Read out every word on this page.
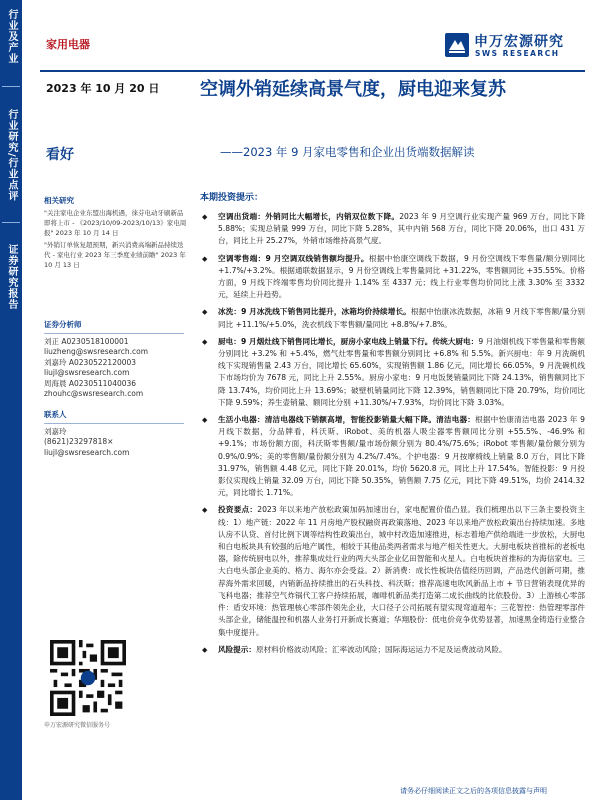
行业及产业
行业研究/行业点评
证券研究报告
家用电器	申万宏源研究
SWS RESEARCH
2023 年 10 月 20 日
看好
空调外销延续高景气度，厨电迎来复苏
——2023 年 9 月家电零售和企业出货端数据解读
相关研究
"关注家电企业东盟出海机遇，徕芬电动牙刷新品即将上市 - 《2023/10/09-2023/10/13》家电周报" 2023 年 10 月 14 日
"外销订单恢复超预期，新兴消费高端新品持续迭代 - 家电行业 2023 年三季度业绩前瞻" 2023 年 10 月 13 日
证券分析师
刘正 A0230518100001
liuzheng@swsresearch.com
刘嘉玲 A0230522120003
liujl@swsresearch.com
周海晨 A0230511040036
zhouhc@swsresearch.com
联系人
刘嘉玲
(8621)23297818×
liujl@swsresearch.com
申万宏源研究微信服务号
本期投资提示：
◆ 空调出货端：外销同比大幅增长，内销双位数下降。2023 年 9 月空调行业实现产量 969 万台，同比下降 5.88%；实现总销量 999 万台，同比下降 5.28%，其中内销 568 万台，同比下降 20.06%，出口 431 万台，同比上升 25.27%，外销市场维持高景气度。
◆ 空调零售端：9 月空调双线销售额均提升。根据中怡康空调线下数据，9 月份空调线下零售量/额分别同比 +1.7%/+3.2%。根据通联数据显示，9 月份空调线上零售量同比 +31.22%，零售额同比 +35.55%。价格方面，9 月线下终端零售均价同比提升 1.14% 至 4337 元；线上行业零售均价同比上涨 3.30% 至 3332 元，延续上升趋势。
◆ 冰洗：9 月冰洗线下销售同比提升，冰箱均价持续增长。根据中怡康冰洗数据，冰箱 9 月线下零售额/量分别同比 +11.1%/+5.0%，洗衣机线下零售额/量同比 +8.8%/+7.8%。
◆ 厨电：9 月烟灶线下销售同比增长，厨房小家电线上销量下行。传统大厨电：9 月油烟机线下零售量和零售额分别同比 +3.2% 和 +5.4%，燃气灶零售量和零售额分别同比 +6.8% 和 5.5%。新兴厨电：年 9 月洗碗机线下实现销售量 2.43 万台，同比增长 65.60%，实现销售额 1.86 亿元，同比增长 66.05%，9 月洗碗机线下市场均价为 7678 元，同比上升 2.55%。厨房小家电：9 月电饭煲销量同比下降 24.13%，销售额同比下降 13.74%，均价同比上升 13.69%；破壁机销量同比下降 12.39%，销售额同比下降 20.79%，均价同比下降 9.59%；养生壶销量、额同比分别 +11.30%/+7.93%，均价同比下降 3.03%。
◆ 生活小电器：清洁电器线下销额高增，智能投影销量大幅下降。清洁电器：根据中怡康清洁电器 2023 年 9 月线下数据，分品牌看，科沃斯、iRobot、美的机器人吸尘器零售额同比分别 +55.5%、-46.9% 和 +9.1%；市场份额方面，科沃斯零售额/量市场份额分别为 80.4%/75.6%；iRobot 零售额/量份额分别为 0.9%/0.9%；美的零售额/量份额分别为 4.2%/7.4%。个护电器：9 月按摩椅线上销量 8.0 万台，同比下降 31.97%，销售额 4.48 亿元，同比下降 20.01%，均价 5620.8 元，同比上升 17.54%。智能投影：9 月投影仪实现线上销量 32.09 万台，同比下降 50.35%，销售额 7.75 亿元，同比下降 49.51%，均价 2414.32 元，同比增长 1.71%。
◆ 投资要点：2023 年以来地产放松政策加码加速出台，家电配置价值凸显。我们梳理出以下三条主要投资主线：1）地产链：2022 年 11 月房地产股权融资再政策落地、2023 年以来地产放松政策出台持续加速。多地认房不认贷、首付比例下调等结构性政策出台，城中村改造加速推进，标志着地产供给端进一步放松，大厨电和白电板块具有较强的后地产属性，相较于其他品类两者需求与地产相关性更大。大厨电板块首推标的老板电器，除传统厨电以外，推荐集成灶行业的两大头部企业亿田智能和火星人。白电板块首推标的为海信家电。三大白电头部企业美的、格力、海尔亦会受益。2）新消费：成长性板块估值经历回调，产品迭代创新可期，推荐海外需求回暖，内销新品持续推出的石头科技、科沃斯；推荐高速电吹风新品上市 + 节日营销表现优异的飞科电器；推荐空气炸锅代工客户持续拓展，咖啡机新品类打造第二成长曲线的比依股份。3）上游核心零部件：盾安环境：热管理核心零部件领先企业，大口径子公司拓展有望实现弯道超车；三花智控：热管理零部件头部企业，储能温控和机器人业务打开新成长赛道；华翔股份：低电价竞争优势显著，加速黑金铸造行业整合集中度提升。
◆ 风险提示：原材料价格波动风险；汇率波动风险；国际海运运力不足及运费波动风险。
请务必仔细阅读正文之后的各项信息披露与声明
